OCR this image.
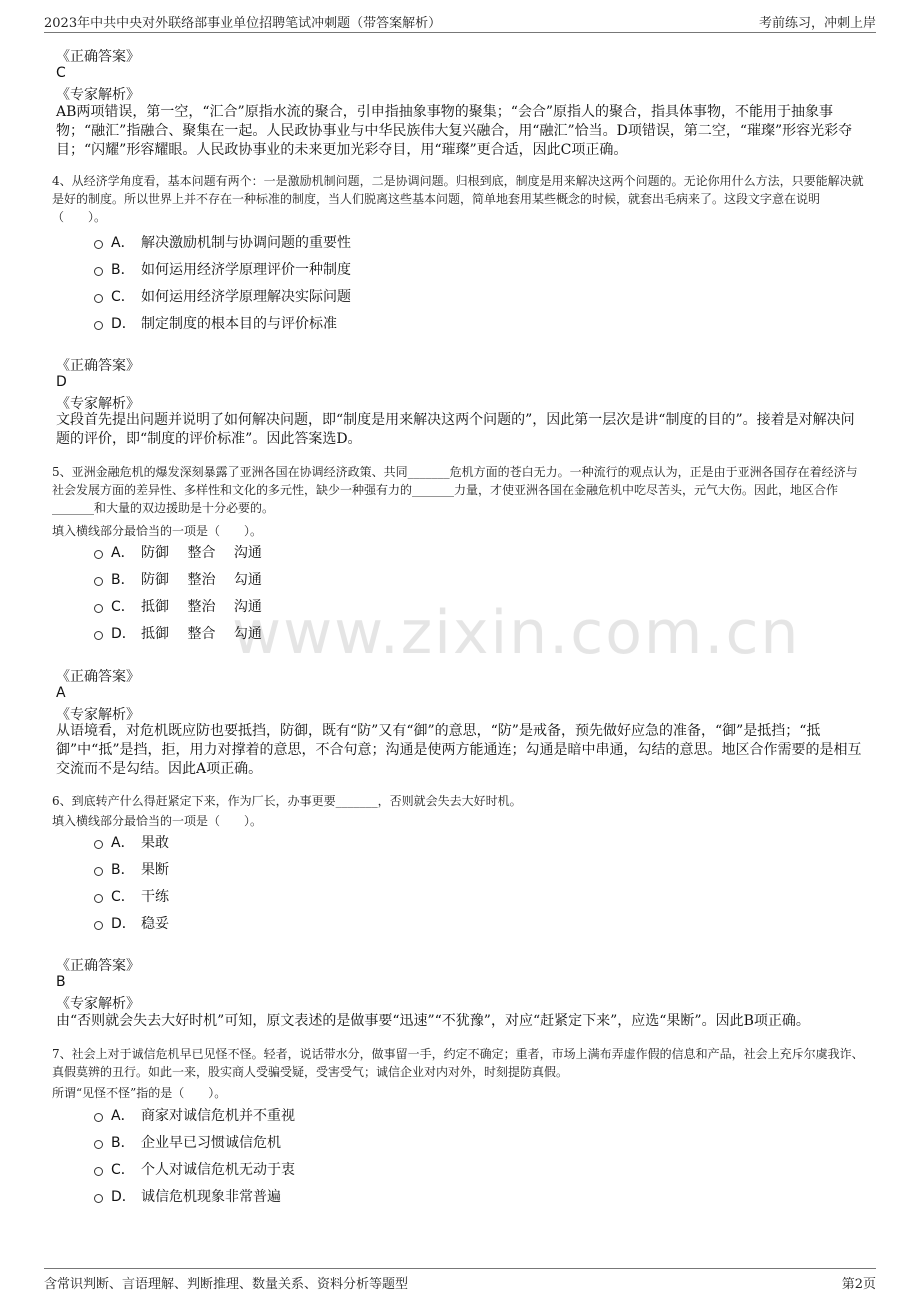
2023年中共中央对外联络部事业单位招聘笔试冲刺题（带答案解析）	考前练习，冲刺上岸
www.zixin.com.cn
《正确答案》
C
《专家解析》
AB两项错误，第一空，“汇合”原指水流的聚合，引申指抽象事物的聚集；“会合”原指人的聚合，指具体事物，不能用于抽象事物；“融汇”指融合、聚集在一起。人民政协事业与中华民族伟大复兴融合，用“融汇”恰当。D项错误，第二空，“璀璨”形容光彩夺目；“闪耀”形容耀眼。人民政协事业的未来更加光彩夺目，用“璀璨”更合适，因此C项正确。
4、从经济学角度看，基本问题有两个：一是激励机制问题，二是协调问题。归根到底，制度是用来解决这两个问题的。无论你用什么方法，只要能解决就是好的制度。所以世界上并不存在一种标准的制度，当人们脱离这些基本问题，简单地套用某些概念的时候，就套出毛病来了。这段文字意在说明（　　）。
A． 解决激励机制与协调问题的重要性
B． 如何运用经济学原理评价一种制度
C． 如何运用经济学原理解决实际问题
D． 制定制度的根本目的与评价标准
《正确答案》
D
《专家解析》
文段首先提出问题并说明了如何解决问题，即“制度是用来解决这两个问题的”，因此第一层次是讲“制度的目的”。接着是对解决问题的评价，即“制度的评价标准”。因此答案选D。
5、亚洲金融危机的爆发深刻暴露了亚洲各国在协调经济政策、共同_______危机方面的苍白无力。一种流行的观点认为，正是由于亚洲各国存在着经济与社会发展方面的差异性、多样性和文化的多元性，缺少一种强有力的_______力量，才使亚洲各国在金融危机中吃尽苦头，元气大伤。因此，地区合作_______和大量的双边援助是十分必要的。
填入横线部分最恰当的一项是（　　）。
A． 防御 整合 沟通
B． 防御 整治 勾通
C． 抵御 整治 沟通
D． 抵御 整合 勾通
《正确答案》
A
《专家解析》
从语境看，对危机既应防也要抵挡，防御，既有“防”又有“御”的意思，“防”是戒备，预先做好应急的准备，“御”是抵挡；“抵御”中“抵”是挡，拒，用力对撑着的意思，不合句意；沟通是使两方能通连；勾通是暗中串通，勾结的意思。地区合作需要的是相互交流而不是勾结。因此A项正确。
6、到底转产什么得赶紧定下来，作为厂长，办事更要_______，否则就会失去大好时机。
填入横线部分最恰当的一项是（　　）。
A． 果敢
B． 果断
C． 干练
D． 稳妥
《正确答案》
B
《专家解析》
由“否则就会失去大好时机”可知，原文表述的是做事要“迅速”“不犹豫”，对应“赶紧定下来”，应选“果断”。因此B项正确。
7、社会上对于诚信危机早已见怪不怪。轻者，说话带水分，做事留一手，约定不确定；重者，市场上满布弄虚作假的信息和产品，社会上充斥尔虞我诈、真假莫辨的丑行。如此一来，股实商人受骗受疑，受害受气；诚信企业对内对外，时刻提防真假。
所谓“见怪不怪”指的是（　　）。
A． 商家对诚信危机并不重视
B． 企业早已习惯诚信危机
C． 个人对诚信危机无动于衷
D． 诚信危机现象非常普遍
含常识判断、言语理解、判断推理、数量关系、资料分析等题型	第2页
